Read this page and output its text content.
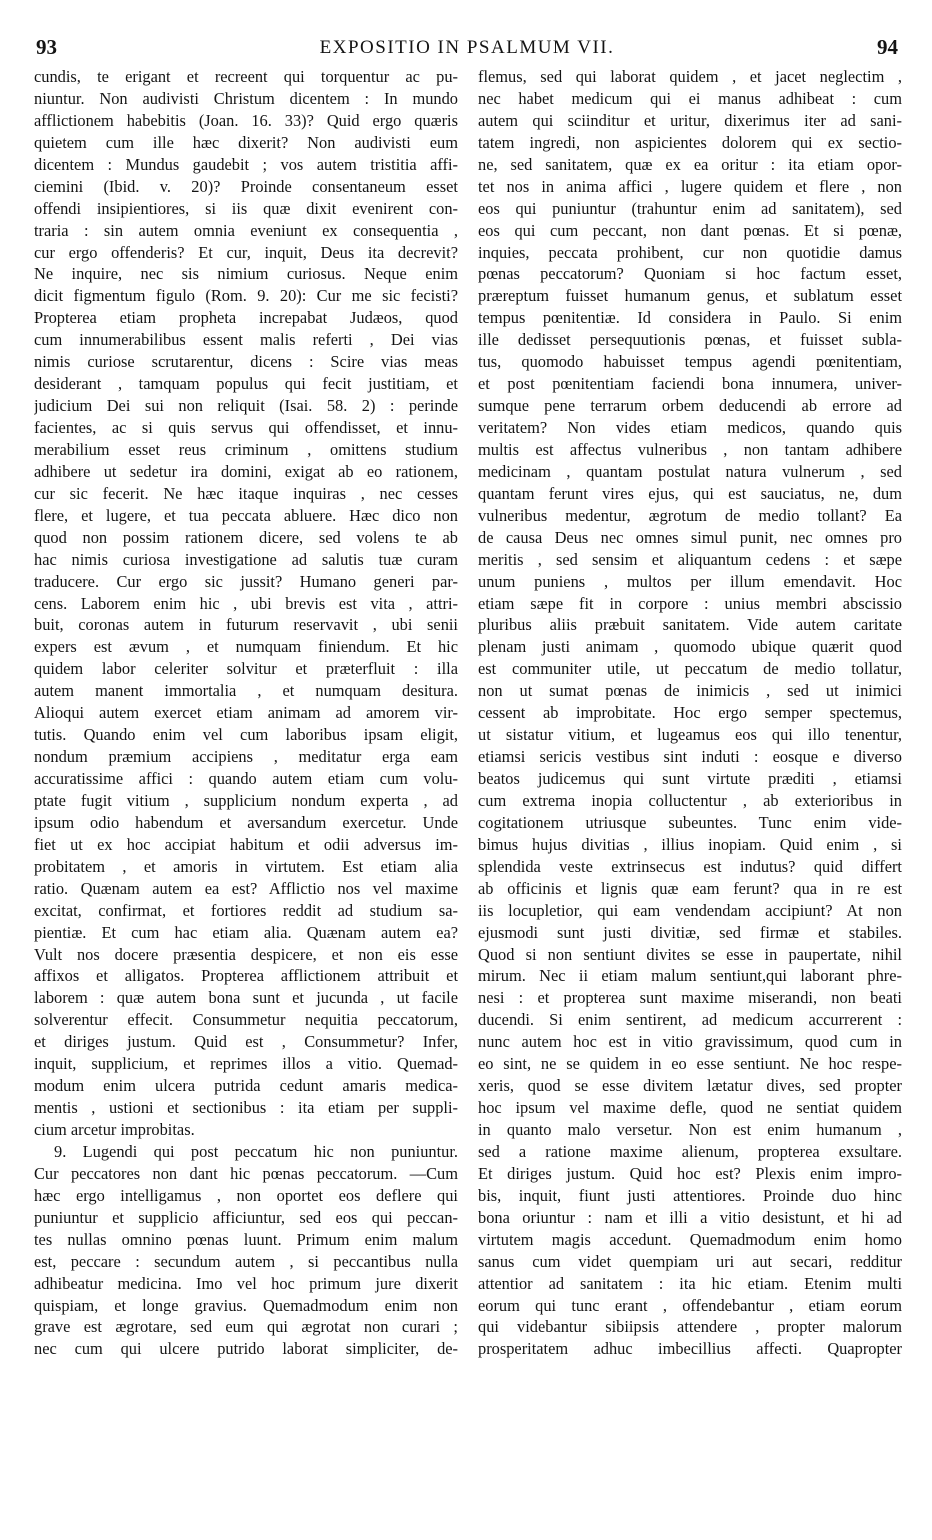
93	EXPOSITIO IN PSALMUM VII.	94
cundis, te erigant et recreent qui torquentur ac pu-
niuntur. Non audivisti Christum dicentem : In mundo
afflictionem habebitis (Joan. 16. 33)? Quid ergo quæris
quietem cum ille hæc dixerit? Non audivisti eum
dicentem : Mundus gaudebit ; vos autem tristitia affi-
ciemini (Ibid. v. 20)? Proinde consentaneum esset
offendi insipientiores, si iis quæ dixit evenirent con-
traria : sin autem omnia eveniunt ex consequentia ,
cur ergo offenderis? Et cur, inquit, Deus ita decrevit?
Ne inquire, nec sis nimium curiosus. Neque enim
dicit figmentum figulo (Rom. 9. 20): Cur me sic fecisti?
Propterea etiam propheta increpabat Judæos, quod
cum innumerabilibus essent malis referti , Dei vias
nimis curiose scrutarentur, dicens : Scire vias meas
desiderant , tamquam populus qui fecit justitiam, et
judicium Dei sui non reliquit (Isai. 58. 2) : perinde
facientes, ac si quis servus qui offendisset, et innu-
merabilium esset reus criminum , omittens studium
adhibere ut sedetur ira domini, exigat ab eo rationem,
cur sic fecerit. Ne hæc itaque inquiras , nec cesses
flere, et lugere, et tua peccata abluere. Hæc dico non
quod non possim rationem dicere, sed volens te ab
hac nimis curiosa investigatione ad salutis tuæ curam
traducere. Cur ergo sic jussit? Humano generi par-
cens. Laborem enim hic , ubi brevis est vita , attri-
buit, coronas autem in futurum reservavit , ubi senii
expers est ævum , et numquam finiendum. Et hic
quidem labor celeriter solvitur et præterfluit : illa
autem manent immortalia , et numquam desitura.
Alioqui autem exercet etiam animam ad amorem vir-
tutis. Quando enim vel cum laboribus ipsam eligit,
nondum præmium accipiens , meditatur erga eam
accuratissime affici : quando autem etiam cum volu-
ptate fugit vitium , supplicium nondum experta , ad
ipsum odio habendum et aversandum exercetur. Unde
fiet ut ex hoc accipiat habitum et odii adversus im-
probitatem , et amoris in virtutem. Est etiam alia
ratio. Quænam autem ea est? Afflictio nos vel maxime
excitat, confirmat, et fortiores reddit ad studium sa-
pientiæ. Et cum hac etiam alia. Quænam autem ea?
Vult nos docere præsentia despicere, et non eis esse
affixos et alligatos. Propterea afflictionem attribuit et
laborem : quæ autem bona sunt et jucunda , ut facile
solverentur effecit. Consummetur nequitia peccatorum,
et diriges justum. Quid est , Consummetur? Infer,
inquit, supplicium, et reprimes illos a vitio. Quemad-
modum enim ulcera putrida cedunt amaris medica-
mentis , ustioni et sectionibus : ita etiam per suppli-
cium arcetur improbitas.
9. Lugendi qui post peccatum hic non puniuntur.
Cur peccatores non dant hic pœnas peccatorum. —Cum
hæc ergo intelligamus , non oportet eos deflere qui
puniuntur et supplicio afficiuntur, sed eos qui peccan-
tes nullas omnino pœnas luunt. Primum enim malum
est, peccare : secundum autem , si peccantibus nulla
adhibeatur medicina. Imo vel hoc primum jure dixerit
quispiam, et longe gravius. Quemadmodum enim non
grave est ægrotare, sed eum qui ægrotat non curari ;
nec cum qui ulcere putrido laborat simpliciter, de-
flemus, sed qui laborat quidem , et jacet neglectim ,
nec habet medicum qui ei manus adhibeat : cum
autem qui sciinditur et uritur, dixerimus iter ad sani-
tatem ingredi, non aspicientes dolorem qui ex sectio-
ne, sed sanitatem, quæ ex ea oritur : ita etiam opor-
tet nos in anima affici , lugere quidem et flere , non
eos qui puniuntur (trahuntur enim ad sanitatem), sed
eos qui cum peccant, non dant pœnas. Et si pœnæ,
inquies, peccata prohibent, cur non quotidie damus
pœnas peccatorum? Quoniam si hoc factum esset,
præreptum fuisset humanum genus, et sublatum esset
tempus pœnitentiæ. Id considera in Paulo. Si enim
ille dedisset persequutionis pœnas, et fuisset subla-
tus, quomodo habuisset tempus agendi pœnitentiam,
et post pœnitentiam faciendi bona innumera, univer-
sumque pene terrarum orbem deducendi ab errore ad
veritatem? Non vides etiam medicos, quando quis
multis est affectus vulneribus , non tantam adhibere
medicinam , quantam postulat natura vulnerum , sed
quantam ferunt vires ejus, qui est sauciatus, ne, dum
vulneribus medentur, ægrotum de medio tollant? Ea
de causa Deus nec omnes simul punit, nec omnes pro
meritis , sed sensim et aliquantum cedens : et sæpe
unum puniens , multos per illum emendavit. Hoc
etiam sæpe fit in corpore : unius membri abscissio
pluribus aliis præbuit sanitatem. Vide autem caritate
plenam justi animam , quomodo ubique quærit quod
est communiter utile, ut peccatum de medio tollatur,
non ut sumat pœnas de inimicis , sed ut inimici
cessent ab improbitate. Hoc ergo semper spectemus,
ut sistatur vitium, et lugeamus eos qui illo tenentur,
etiamsi sericis vestibus sint induti : eosque e diverso
beatos judicemus qui sunt virtute præditi , etiamsi
cum extrema inopia colluctentur , ab exterioribus in
cogitationem utriusque subeuntes. Tunc enim vide-
bimus hujus divitias , illius inopiam. Quid enim , si
splendida veste extrinsecus est indutus? quid differt
ab officinis et lignis quæ eam ferunt? qua in re est
iis locupletior, qui eam vendendam accipiunt? At non
ejusmodi sunt justi divitiæ, sed firmæ et stabiles.
Quod si non sentiunt divites se esse in paupertate, nihil
mirum. Nec ii etiam malum sentiunt,qui laborant phre-
nesi : et propterea sunt maxime miserandi, non beati
ducendi. Si enim sentirent, ad medicum accurrerent :
nunc autem hoc est in vitio gravissimum, quod cum in
eo sint, ne se quidem in eo esse sentiunt. Ne hoc respe-
xeris, quod se esse divitem lætatur dives, sed propter
hoc ipsum vel maxime defle, quod ne sentiat quidem
in quanto malo versetur. Non est enim humanum ,
sed a ratione maxime alienum, propterea exsultare.
Et diriges justum. Quid hoc est? Plexis enim impro-
bis, inquit, fiunt justi attentiores. Proinde duo hinc
bona oriuntur : nam et illi a vitio desistunt, et hi ad
virtutem magis accedunt. Quemadmodum enim homo
sanus cum videt quempiam uri aut secari, redditur
attentior ad sanitatem : ita hic etiam. Etenim multi
eorum qui tunc erant , offendebantur , etiam eorum
qui videbantur sibiipsis attendere , propter malorum
prosperitatem adhuc imbecillius affecti. Quapropter
